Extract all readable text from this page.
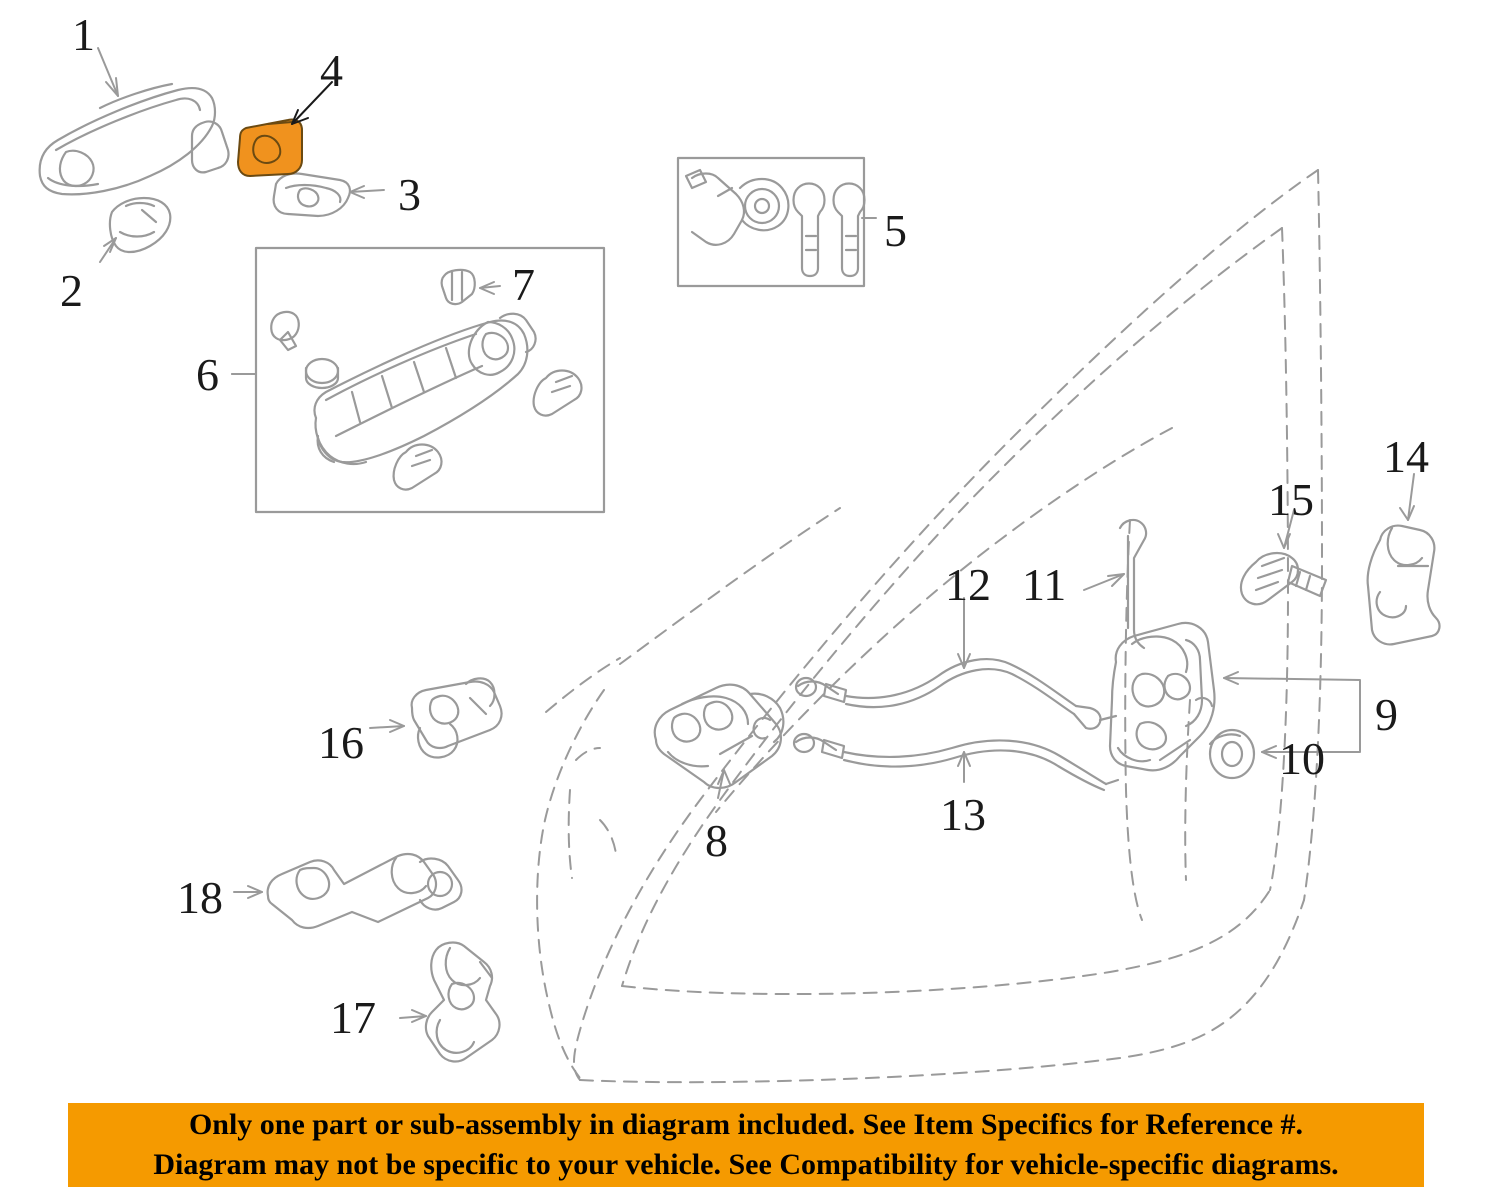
1
2
3
4
5
6
7
8
9
10
11
12
13
14
15
16
17
18
Only one part or sub-assembly in diagram included. See Item Specifics for Reference #.
Diagram may not be specific to your vehicle. See Compatibility for vehicle-specific diagrams.
